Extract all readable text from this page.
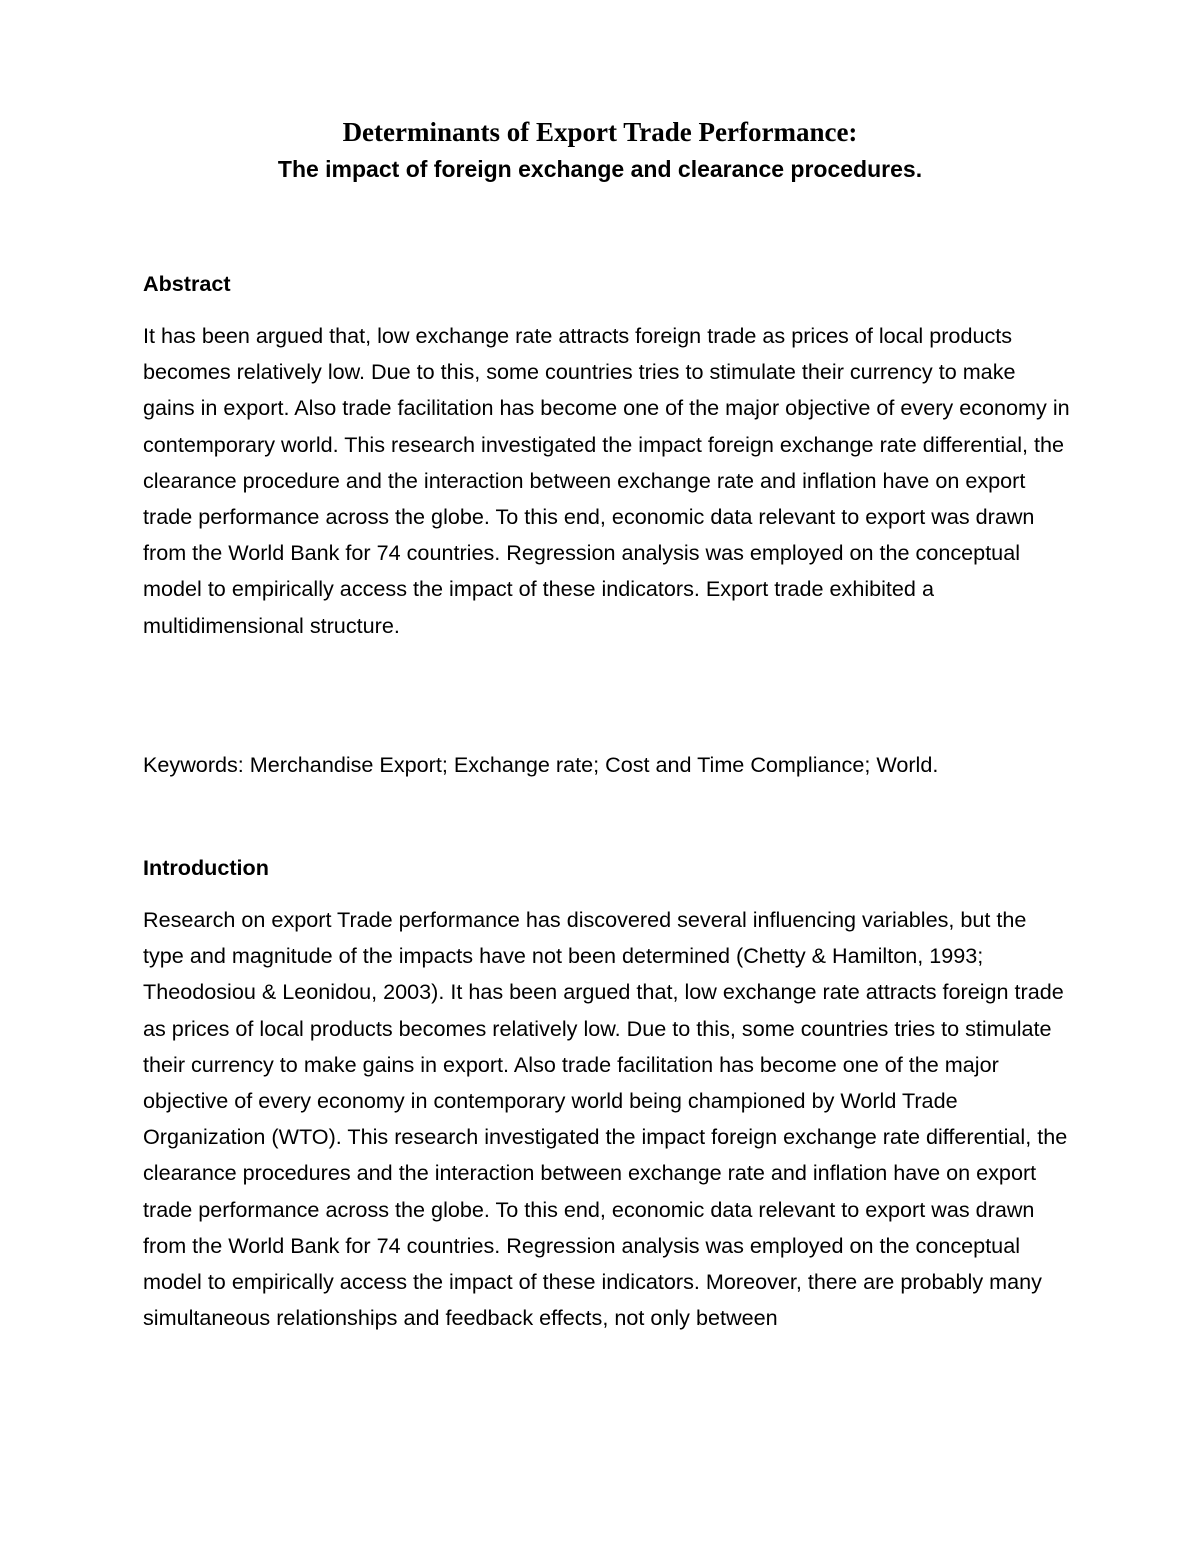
Determinants of Export Trade Performance:

The impact of foreign exchange and clearance procedures.

Abstract

It has been argued that, low exchange rate attracts foreign trade as prices of local products becomes relatively low. Due to this, some countries tries to stimulate their currency to make gains in export. Also trade facilitation has become one of the major objective of every economy in contemporary world. This research investigated the impact foreign exchange rate differential, the clearance procedure and the interaction between exchange rate and inflation have on export trade performance across the globe. To this end, economic data relevant to export was drawn from the World Bank for 74 countries. Regression analysis was employed on the conceptual model to empirically access the impact of these indicators. Export trade exhibited a multidimensional structure.

Keywords: Merchandise Export; Exchange rate; Cost and Time Compliance; World.

Introduction

Research on export Trade performance has discovered several influencing variables, but the type and magnitude of the impacts have not been determined (Chetty & Hamilton, 1993; Theodosiou & Leonidou, 2003). It has been argued that, low exchange rate attracts foreign trade as prices of local products becomes relatively low. Due to this, some countries tries to stimulate their currency to make gains in export. Also trade facilitation has become one of the major objective of every economy in contemporary world being championed by World Trade Organization (WTO). This research investigated the impact foreign exchange rate differential, the clearance procedures and the interaction between exchange rate and inflation have on export trade performance across the globe. To this end, economic data relevant to export was drawn from the World Bank for 74 countries. Regression analysis was employed on the conceptual model to empirically access the impact of these indicators. Moreover, there are probably many simultaneous relationships and feedback effects, not only between
